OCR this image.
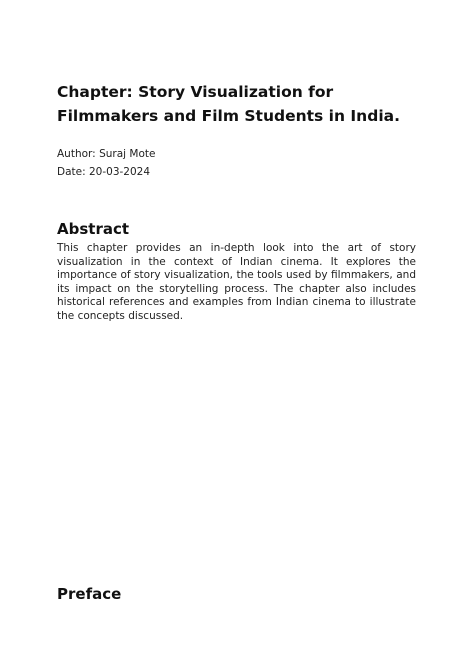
Chapter: Story Visualization for Filmmakers and Film Students in India.

Author: Suraj Mote

Date: 20-03-2024

Abstract

This chapter provides an in-depth look into the art of story visualization in the context of Indian cinema. It explores the importance of story visualization, the tools used by filmmakers, and its impact on the storytelling process. The chapter also includes historical references and examples from Indian cinema to illustrate the concepts discussed.

Preface
